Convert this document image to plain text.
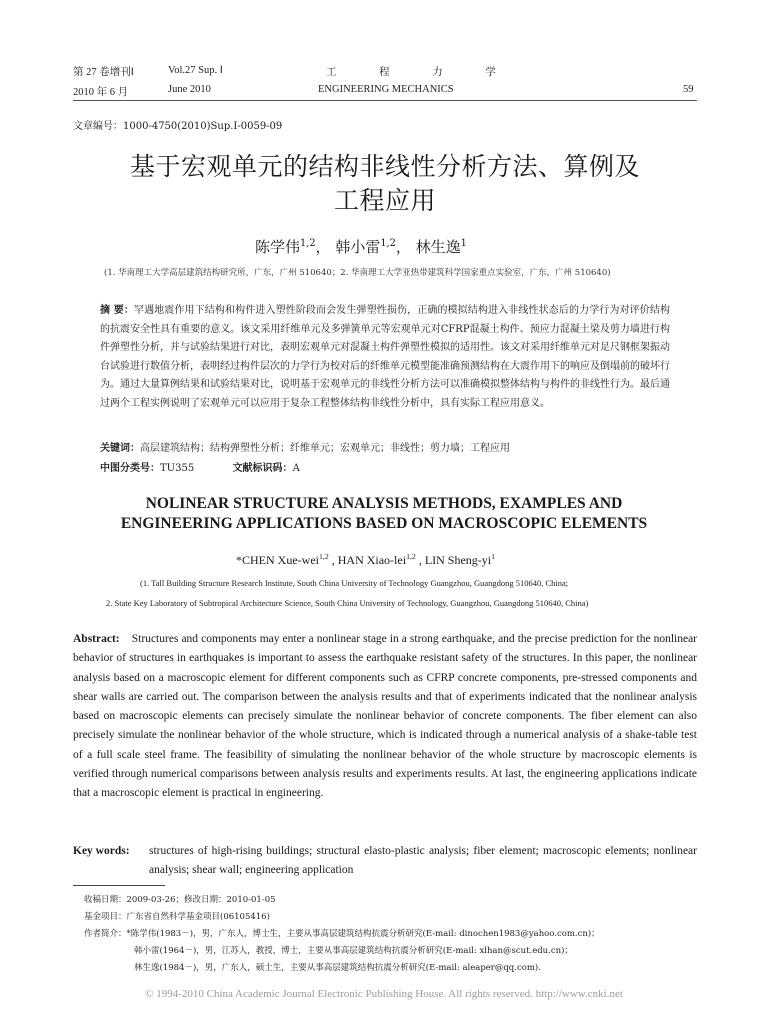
第 27 卷增刊Ⅰ	Vol.27 Sup. Ⅰ	工 程 力 学
2010 年 6 月	June 2010	ENGINEERING MECHANICS	59
文章编号：1000-4750(2010)Sup.Ⅰ-0059-09
基于宏观单元的结构非线性分析方法、算例及
工程应用
陈学伟$^{1,2}$， 韩小雷$^{1,2}$， 林生逸$^1$
(1. 华南理工大学高层建筑结构研究所，广东，广州 510640；2. 华南理工大学亚热带建筑科学国家重点实验室，广东，广州 510640)
摘 要：罕遇地震作用下结构和构件进入塑性阶段而会发生弹塑性损伤，正确的模拟结构进入非线性状态后的力学行为对评价结构的抗震安全性具有重要的意义。该文采用纤维单元及多弹簧单元等宏观单元对CFRP混凝土构件、预应力混凝土梁及剪力墙进行构件弹塑性分析，并与试验结果进行对比，表明宏观单元对混凝土构件弹塑性模拟的适用性。该文对采用纤维单元对足尺钢框架振动台试验进行数值分析，表明经过构件层次的力学行为校对后的纤维单元模型能准确预测结构在大震作用下的响应及倒塌前的破坏行为。通过大量算例结果和试验结果对比，说明基于宏观单元的非线性分析方法可以准确模拟整体结构与构件的非线性行为。最后通过两个工程实例说明了宏观单元可以应用于复杂工程整体结构非线性分析中，具有实际工程应用意义。
关键词：高层建筑结构；结构弹塑性分析；纤维单元；宏观单元；非线性；剪力墙；工程应用
中图分类号：TU355	文献标识码：A
NOLINEAR STRUCTURE ANALYSIS METHODS, EXAMPLES AND
ENGINEERING APPLICATIONS BASED ON MACROSCOPIC ELEMENTS
*CHEN Xue-wei$^{1,2}$ , HAN Xiao-lei$^{1,2}$ , LIN Sheng-$yi^1$
(1. Tall Building Structure Research Institute, South China University of Technology Guangzhou, Guangdong 510640, China;
2. State Key Laboratory of Subtropical Architecture Science, South China University of Technology, Guangzhou, Guangdong 510640, China)
Abstract: Structures and components may enter a nonlinear stage in a strong earthquake, and the precise prediction for the nonlinear behavior of structures in earthquakes is important to assess the earthquake resistant safety of the structures. In this paper, the nonlinear analysis based on a macroscopic element for different components such as CFRP concrete components, pre-stressed components and shear walls are carried out. The comparison between the analysis results and that of experiments indicated that the nonlinear analysis based on macroscopic elements can precisely simulate the nonlinear behavior of concrete components. The fiber element can also precisely simulate the nonlinear behavior of the whole structure, which is indicated through a numerical analysis of a shake-table test of a full scale steel frame. The feasibility of simulating the nonlinear behavior of the whole structure by macroscopic elements is verified through numerical comparisons between analysis results and experiments results. At last, the engineering applications indicate that a macroscopic element is practical in engineering.
Key words: structures of high-rising buildings; structural elasto-plastic analysis; fiber element; macroscopic elements; nonlinear analysis; shear wall; engineering application
收稿日期：2009-03-26；修改日期：2010-01-05
基金项目：广东省自然科学基金项目(06105416)
作者简介：*陈学伟(1983－)，男，广东人，博士生，主要从事高层建筑结构抗震分析研究(E-mail: dinochen1983@yahoo.com.cn)；
韩小雷(1964－)，男，江苏人，教授，博士，主要从事高层建筑结构抗震分析研究(E-mail: xlhan@scut.edu.cn)；
林生逸(1984－)，男，广东人，硕士生，主要从事高层建筑结构抗震分析研究(E-mail: aleaper@qq.com).
© 1994-2010 China Academic Journal Electronic Publishing House. All rights reserved. http://www.cnki.net
